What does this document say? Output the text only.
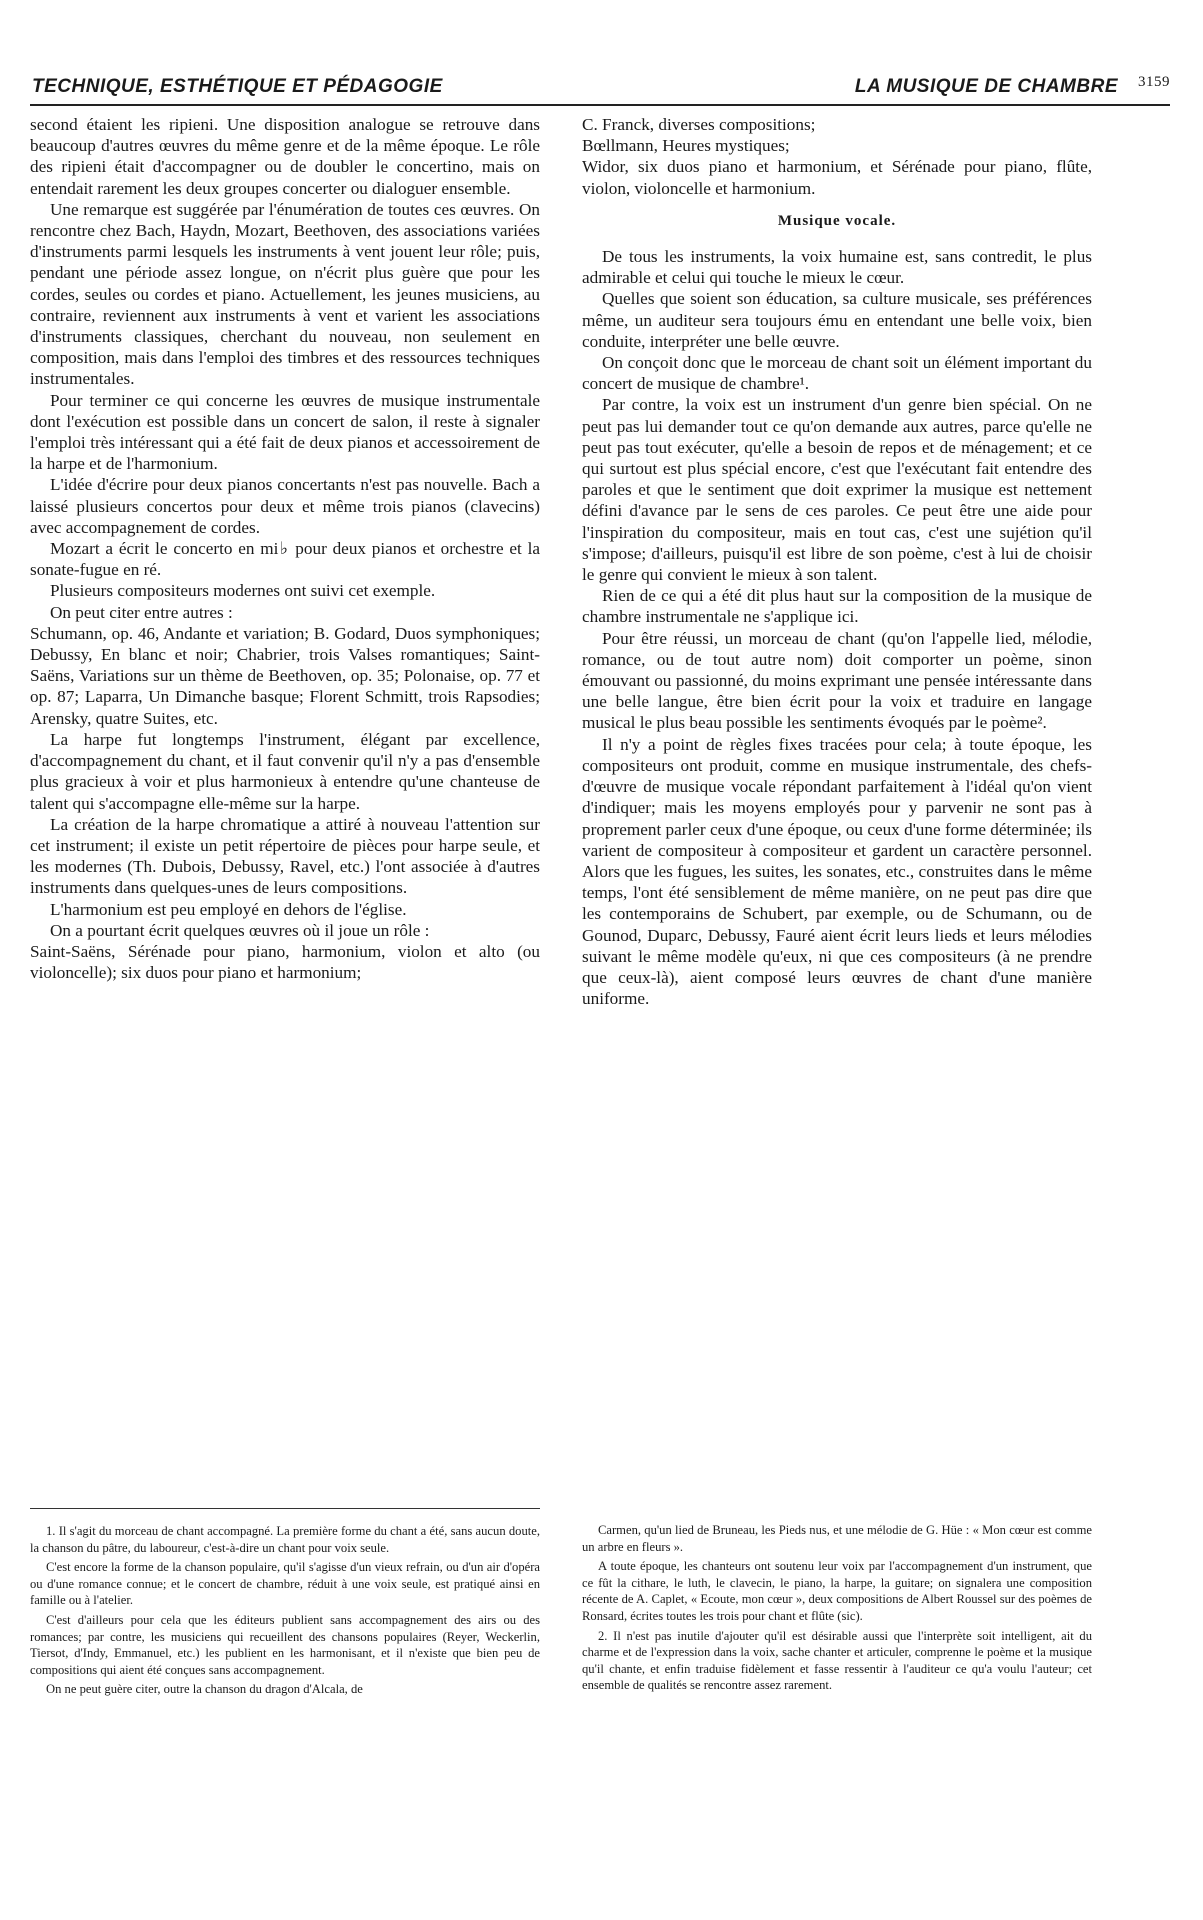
TECHNIQUE, ESTHÉTIQUE ET PÉDAGOGIE	LA MUSIQUE DE CHAMBRE 3159

second étaient les ripieni. Une disposition analogue se retrouve dans beaucoup d'autres œuvres du même genre et de la même époque. Le rôle des ripieni était d'accompagner ou de doubler le concertino, mais on entendait rarement les deux groupes concerter ou dialoguer ensemble.

Une remarque est suggérée par l'énumération de toutes ces œuvres. On rencontre chez Bach, Haydn, Mozart, Beethoven, des associations variées d'instruments parmi lesquels les instruments à vent jouent leur rôle; puis, pendant une période assez longue, on n'écrit plus guère que pour les cordes, seules ou cordes et piano. Actuellement, les jeunes musiciens, au contraire, reviennent aux instruments à vent et varient les associations d'instruments classiques, cherchant du nouveau, non seulement en composition, mais dans l'emploi des timbres et des ressources techniques instrumentales.

Pour terminer ce qui concerne les œuvres de musique instrumentale dont l'exécution est possible dans un concert de salon, il reste à signaler l'emploi très intéressant qui a été fait de deux pianos et accessoirement de la harpe et de l'harmonium.

L'idée d'écrire pour deux pianos concertants n'est pas nouvelle. Bach a laissé plusieurs concertos pour deux et même trois pianos (clavecins) avec accompagnement de cordes.

Mozart a écrit le concerto en mi♭ pour deux pianos et orchestre et la sonate-fugue en ré.

Plusieurs compositeurs modernes ont suivi cet exemple.

On peut citer entre autres :

Schumann, op. 46, Andante et variation; B. Godard, Duos symphoniques; Debussy, En blanc et noir; Chabrier, trois Valses romantiques; Saint-Saëns, Variations sur un thème de Beethoven, op. 35; Polonaise, op. 77 et op. 87; Laparra, Un Dimanche basque; Florent Schmitt, trois Rapsodies; Arensky, quatre Suites, etc.

La harpe fut longtemps l'instrument, élégant par excellence, d'accompagnement du chant, et il faut convenir qu'il n'y a pas d'ensemble plus gracieux à voir et plus harmonieux à entendre qu'une chanteuse de talent qui s'accompagne elle-même sur la harpe.

La création de la harpe chromatique a attiré à nouveau l'attention sur cet instrument; il existe un petit répertoire de pièces pour harpe seule, et les modernes (Th. Dubois, Debussy, Ravel, etc.) l'ont associée à d'autres instruments dans quelques-unes de leurs compositions.

L'harmonium est peu employé en dehors de l'église.

On a pourtant écrit quelques œuvres où il joue un rôle :

Saint-Saëns, Sérénade pour piano, harmonium, violon et alto (ou violoncelle); six duos pour piano et harmonium;

C. Franck, diverses compositions;

Bœllmann, Heures mystiques;

Widor, six duos piano et harmonium, et Sérénade pour piano, flûte, violon, violoncelle et harmonium.

Musique vocale.

De tous les instruments, la voix humaine est, sans contredit, le plus admirable et celui qui touche le mieux le cœur.

Quelles que soient son éducation, sa culture musicale, ses préférences même, un auditeur sera toujours ému en entendant une belle voix, bien conduite, interpréter une belle œuvre.

On conçoit donc que le morceau de chant soit un élément important du concert de musique de chambre¹.

Par contre, la voix est un instrument d'un genre bien spécial. On ne peut pas lui demander tout ce qu'on demande aux autres, parce qu'elle ne peut pas tout exécuter, qu'elle a besoin de repos et de ménagement; et ce qui surtout est plus spécial encore, c'est que l'exécutant fait entendre des paroles et que le sentiment que doit exprimer la musique est nettement défini d'avance par le sens de ces paroles. Ce peut être une aide pour l'inspiration du compositeur, mais en tout cas, c'est une sujétion qu'il s'impose; d'ailleurs, puisqu'il est libre de son poème, c'est à lui de choisir le genre qui convient le mieux à son talent.

Rien de ce qui a été dit plus haut sur la composition de la musique de chambre instrumentale ne s'applique ici.

Pour être réussi, un morceau de chant (qu'on l'appelle lied, mélodie, romance, ou de tout autre nom) doit comporter un poème, sinon émouvant ou passionné, du moins exprimant une pensée intéressante dans une belle langue, être bien écrit pour la voix et traduire en langage musical le plus beau possible les sentiments évoqués par le poème².

Il n'y a point de règles fixes tracées pour cela; à toute époque, les compositeurs ont produit, comme en musique instrumentale, des chefs-d'œuvre de musique vocale répondant parfaitement à l'idéal qu'on vient d'indiquer; mais les moyens employés pour y parvenir ne sont pas à proprement parler ceux d'une époque, ou ceux d'une forme déterminée; ils varient de compositeur à compositeur et gardent un caractère personnel. Alors que les fugues, les suites, les sonates, etc., construites dans le même temps, l'ont été sensiblement de même manière, on ne peut pas dire que les contemporains de Schubert, par exemple, ou de Schumann, ou de Gounod, Duparc, Debussy, Fauré aient écrit leurs lieds et leurs mélodies suivant le même modèle qu'eux, ni que ces compositeurs (à ne prendre que ceux-là), aient composé leurs œuvres de chant d'une manière uniforme.

1. Il s'agit du morceau de chant accompagné. La première forme du chant a été, sans aucun doute, la chanson du pâtre, du laboureur, c'est-à-dire un chant pour voix seule.

C'est encore la forme de la chanson populaire, qu'il s'agisse d'un vieux refrain, ou d'un air d'opéra ou d'une romance connue; et le concert de chambre, réduit à une voix seule, est pratiqué ainsi en famille ou à l'atelier.

C'est d'ailleurs pour cela que les éditeurs publient sans accompagnement des airs ou des romances; par contre, les musiciens qui recueillent des chansons populaires (Reyer, Weckerlin, Tiersot, d'Indy, Emmanuel, etc.) les publient en les harmonisant, et il n'existe que bien peu de compositions qui aient été conçues sans accompagnement.

On ne peut guère citer, outre la chanson du dragon d'Alcala, de

Carmen, qu'un lied de Bruneau, les Pieds nus, et une mélodie de G. Hüe : « Mon cœur est comme un arbre en fleurs ».

A toute époque, les chanteurs ont soutenu leur voix par l'accompagnement d'un instrument, que ce fût la cithare, le luth, le clavecin, le piano, la harpe, la guitare; on signalera une composition récente de A. Caplet, « Ecoute, mon cœur », deux compositions de Albert Roussel sur des poèmes de Ronsard, écrites toutes les trois pour chant et flûte (sic).

2. Il n'est pas inutile d'ajouter qu'il est désirable aussi que l'interprète soit intelligent, ait du charme et de l'expression dans la voix, sache chanter et articuler, comprenne le poème et la musique qu'il chante, et enfin traduise fidèlement et fasse ressentir à l'auditeur ce qu'a voulu l'auteur; cet ensemble de qualités se rencontre assez rarement.
